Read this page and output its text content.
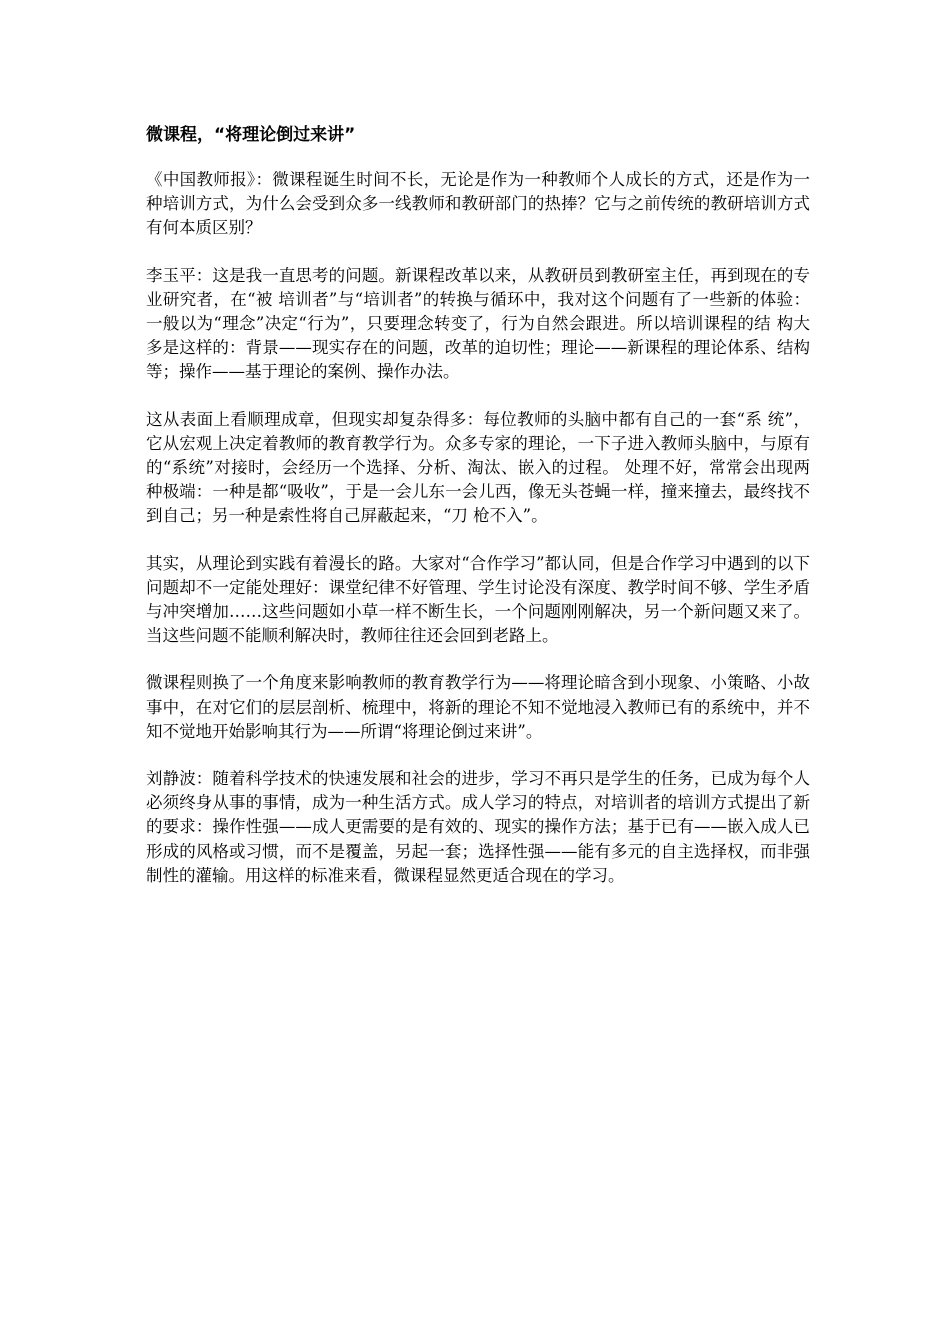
微课程，“将理论倒过来讲”

《中国教师报》：微课程诞生时间不长，无论是作为一种教师个人成长的方式，还是作为一种培训方式，为什么会受到众多一线教师和教研部门的热捧？它与之前传统的教研培训方式有何本质区别？

李玉平：这是我一直思考的问题。新课程改革以来，从教研员到教研室主任，再到现在的专业研究者，在“被 培训者”与“培训者”的转换与循环中，我对这个问题有了一些新的体验：一般以为“理念”决定“行为”，只要理念转变了，行为自然会跟进。所以培训课程的结 构大多是这样的：背景——现实存在的问题，改革的迫切性；理论——新课程的理论体系、结构等；操作——基于理论的案例、操作办法。

这从表面上看顺理成章，但现实却复杂得多：每位教师的头脑中都有自己的一套“系 统”，它从宏观上决定着教师的教育教学行为。众多专家的理论，一下子进入教师头脑中，与原有的“系统”对接时，会经历一个选择、分析、淘汰、嵌入的过程。 处理不好，常常会出现两种极端：一种是都“吸收”，于是一会儿东一会儿西，像无头苍蝇一样，撞来撞去，最终找不到自己；另一种是索性将自己屏蔽起来，“刀 枪不入”。

其实，从理论到实践有着漫长的路。大家对“合作学习”都认同，但是合作学习中遇到的以下问题却不一定能处理好：课堂纪律不好管理、学生讨论没有深度、教学时间不够、学生矛盾与冲突增加……这些问题如小草一样不断生长，一个问题刚刚解决，另一个新问题又来了。当这些问题不能顺利解决时，教师往往还会回到老路上。

微课程则换了一个角度来影响教师的教育教学行为——将理论暗含到小现象、小策略、小故事中，在对它们的层层剖析、梳理中，将新的理论不知不觉地浸入教师已有的系统中，并不知不觉地开始影响其行为——所谓“将理论倒过来讲”。

刘静波：随着科学技术的快速发展和社会的进步，学习不再只是学生的任务，已成为每个人必须终身从事的事情，成为一种生活方式。成人学习的特点，对培训者的培训方式提出了新的要求：操作性强——成人更需要的是有效的、现实的操作方法；基于已有——嵌入成人已形成的风格或习惯，而不是覆盖，另起一套；选择性强——能有多元的自主选择权，而非强制性的灌输。用这样的标准来看，微课程显然更适合现在的学习。
